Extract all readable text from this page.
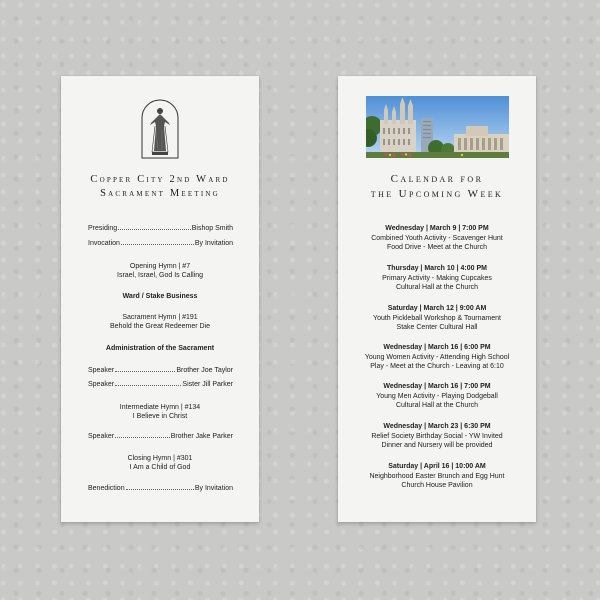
Copper City 2nd Ward
Sacrament Meeting
Presiding	Bishop Smith
Invocation	By Invitation
Opening Hymn | #7
Israel, Israel, God Is Calling
Ward / Stake Business
Sacrament Hymn | #191
Behold the Great Redeemer Die
Administration of the Sacrament
Speaker	Brother Joe Taylor
Speaker	Sister Jill Parker
Intermediate Hymn | #134
I Believe in Christ
Speaker	Brother Jake Parker
Closing Hymn | #301
I Am a Child of God
Benediction	By Invitation
Calendar for
the Upcoming Week
Wednesday | March 9 | 7:00 PM
Combined Youth Activity - Scavenger Hunt
Food Drive - Meet at the Church
Thursday | March 10 | 4:00 PM
Primary Activity - Making Cupcakes
Cultural Hall at the Church
Saturday | March 12 | 9:00 AM
Youth Pickleball Workshop & Tournament
Stake Center Cultural Hall
Wednesday | March 16 | 6:00 PM
Young Women Activity - Attending High School
Play - Meet at the Church - Leaving at 6:10
Wednesday | March 16 | 7:00 PM
Young Men Activity - Playing Dodgeball
Cultural Hall at the Church
Wednesday | March 23 | 6:30 PM
Relief Society Birthday Social - YW Invited
Dinner and Nursery will be provided
Saturday | April 16 | 10:00 AM
Neighborhood Easter Brunch and Egg Hunt
Church House Pavilion
